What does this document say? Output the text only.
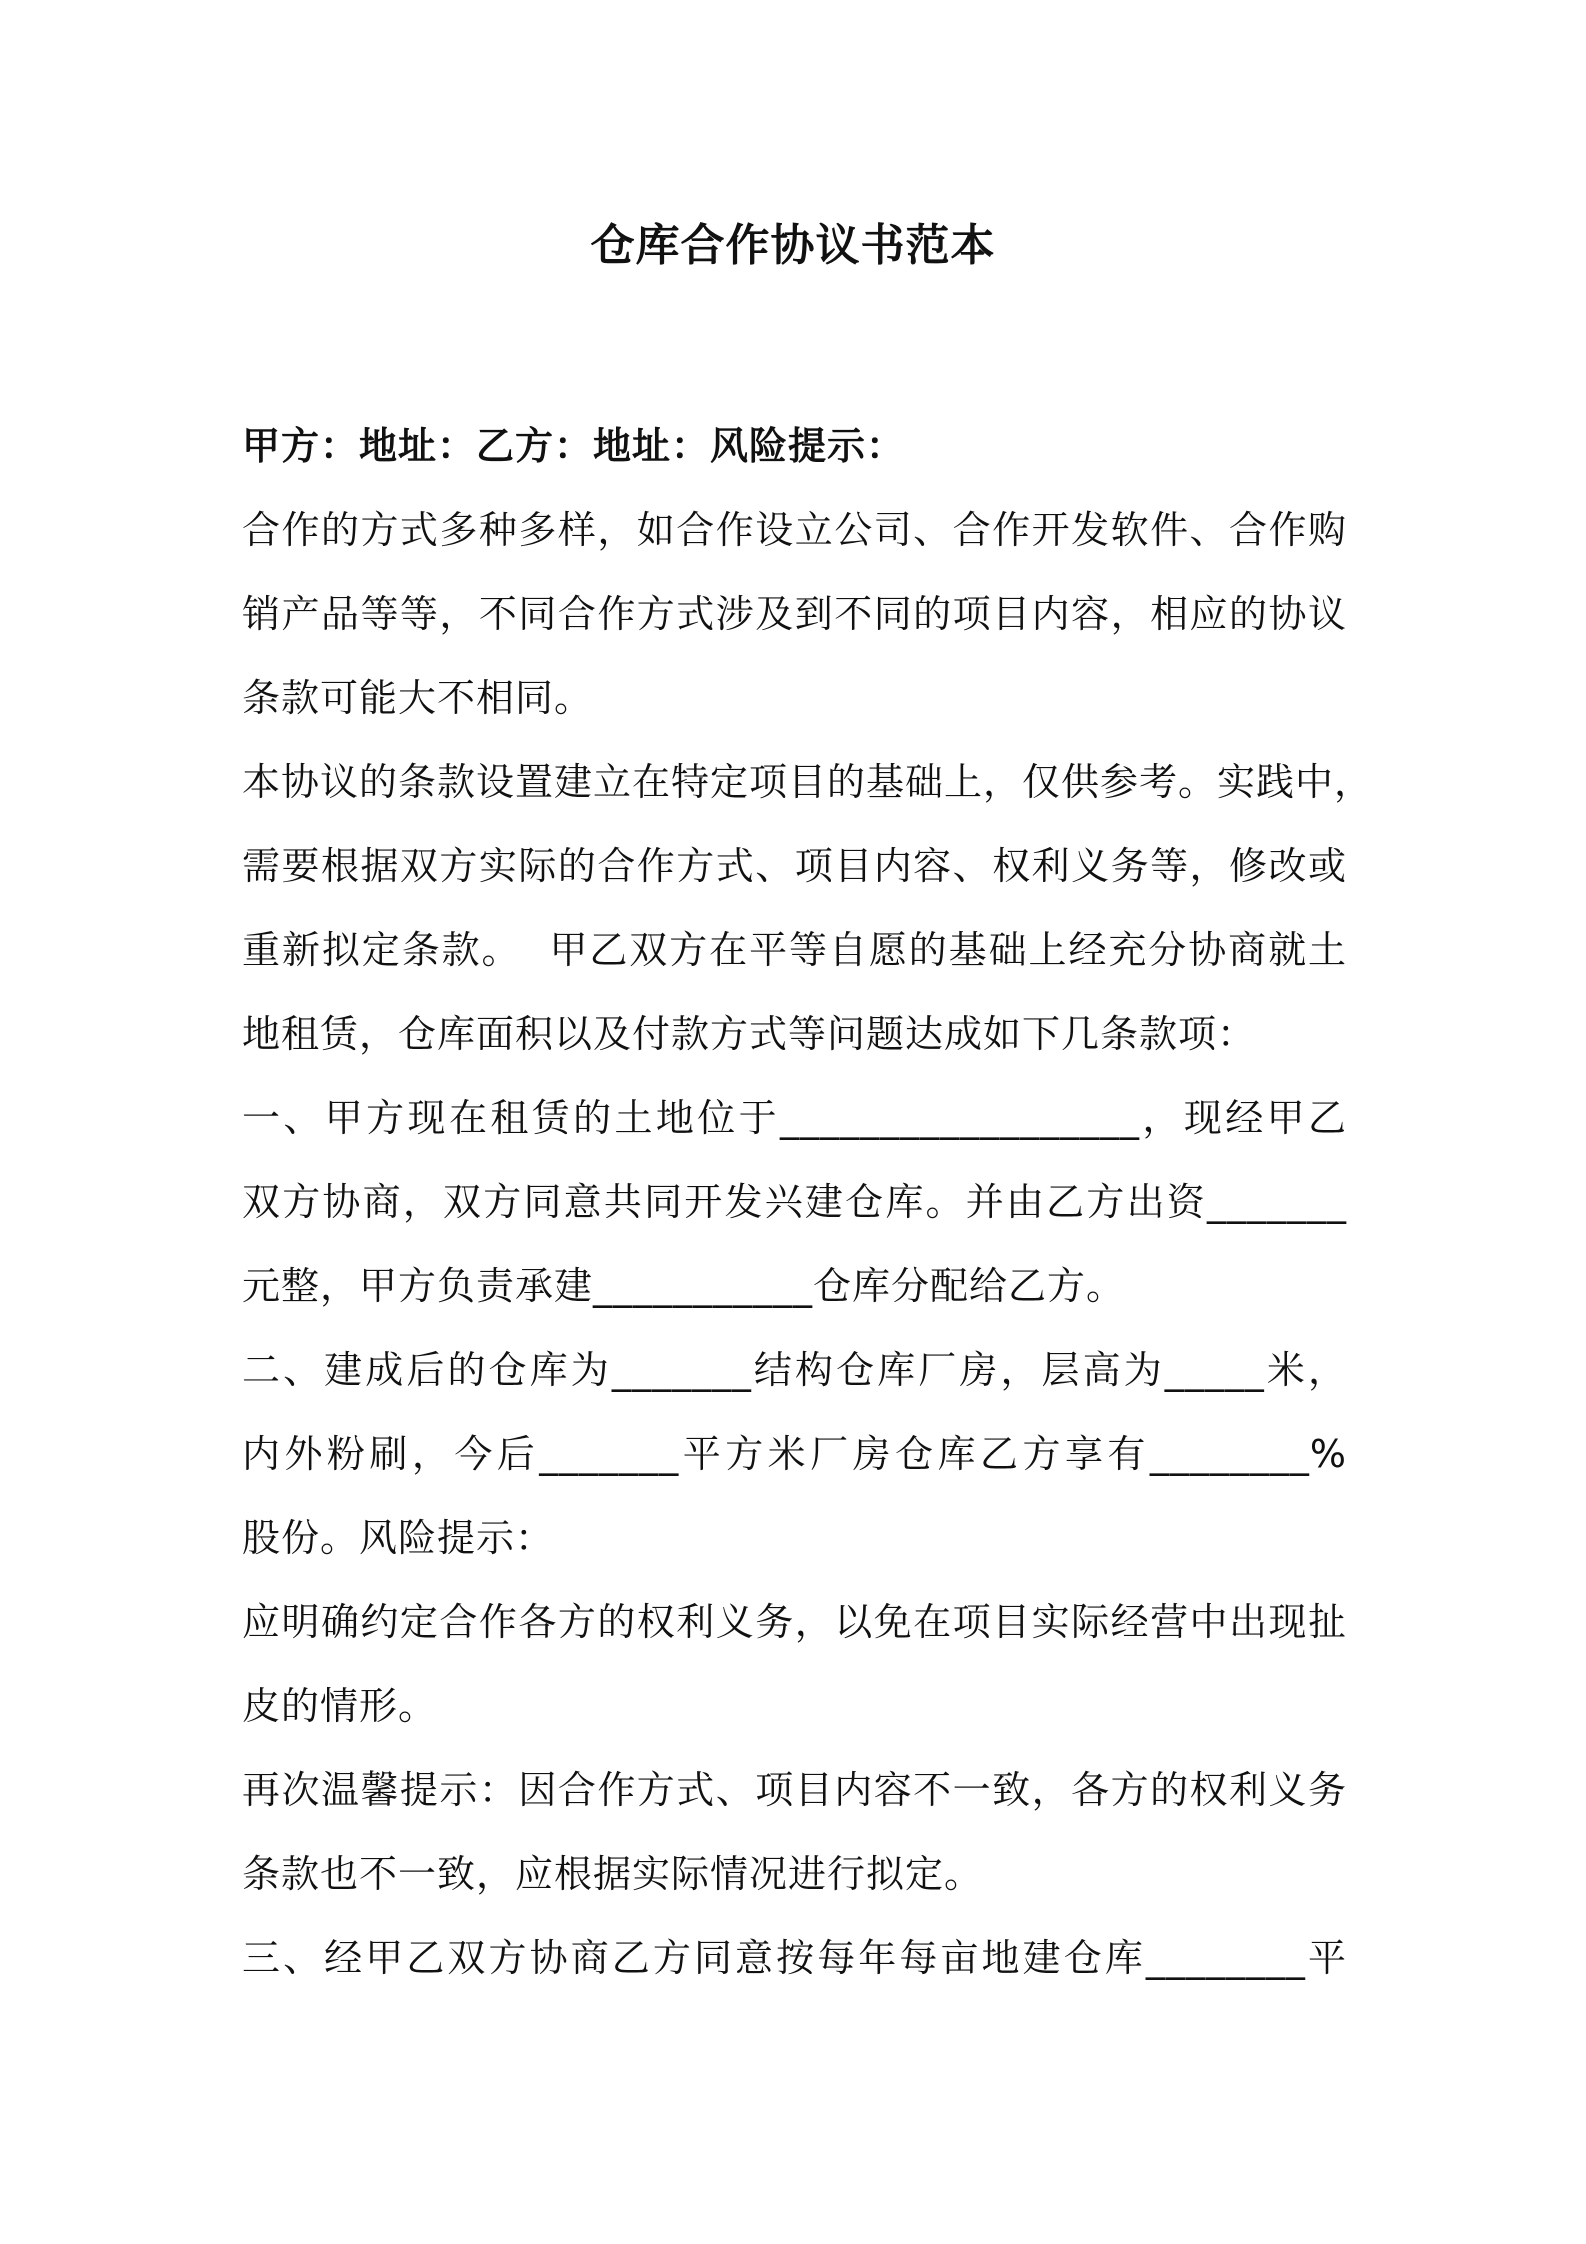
仓库合作协议书范本
甲方：地址：乙方：地址：风险提示：
合作的方式多种多样，如合作设立公司、合作开发软件、合作购
销产品等等，不同合作方式涉及到不同的项目内容，相应的协议
条款可能大不相同。
本协议的条款设置建立在特定项目的基础上，仅供参考。实践中，
需要根据双方实际的合作方式、项目内容、权利义务等，修改或
重新拟定条款。  甲乙双方在平等自愿的基础上经充分协商就土
地租赁，仓库面积以及付款方式等问题达成如下几条款项：
一、甲方现在租赁的土地位于__________________，现经甲乙
双方协商，双方同意共同开发兴建仓库。并由乙方出资_______
元整，甲方负责承建___________仓库分配给乙方。
二、建成后的仓库为_______结构仓库厂房，层高为_____米，
内外粉刷，今后_______平方米厂房仓库乙方享有________%
股份。风险提示：
应明确约定合作各方的权利义务，以免在项目实际经营中出现扯
皮的情形。
再次温馨提示：因合作方式、项目内容不一致，各方的权利义务
条款也不一致，应根据实际情况进行拟定。
三、经甲乙双方协商乙方同意按每年每亩地建仓库________平
